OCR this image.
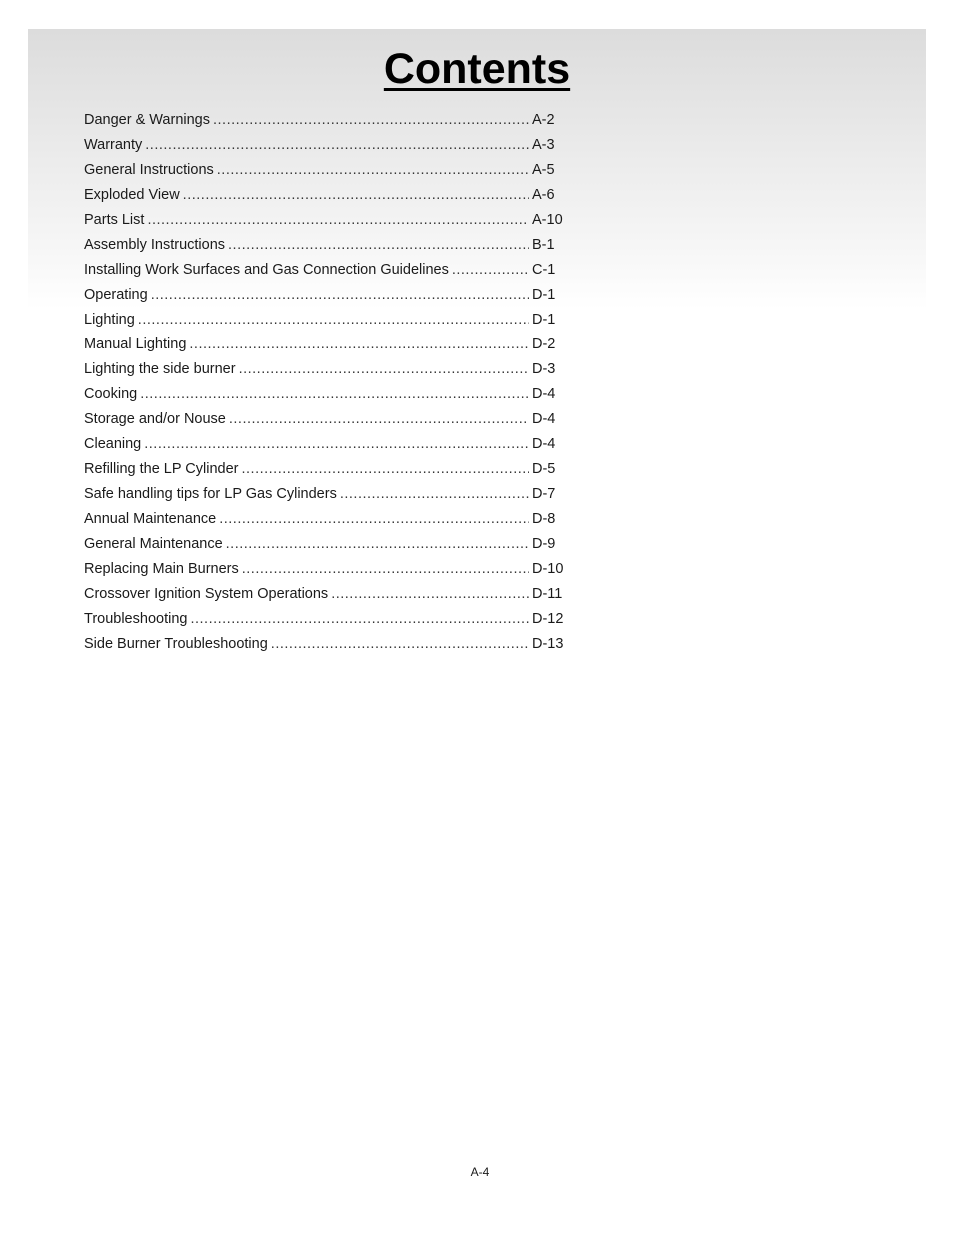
Contents
Danger & Warnings .....	A-2
Warranty .....	A-3
General Instructions .....	A-5
Exploded View .....	A-6
Parts List .....	A-10
Assembly Instructions .....	B-1
Installing Work Surfaces and Gas Connection Guidelines .....	C-1
Operating .....	D-1
Lighting .....	D-1
Manual Lighting .....	D-2
Lighting the side burner .....	D-3
Cooking .....	D-4
Storage and/or Nouse .....	D-4
Cleaning .....	D-4
Refilling the LP Cylinder .....	D-5
Safe handling tips for LP Gas Cylinders .....	D-7
Annual Maintenance .....	D-8
General Maintenance .....	D-9
Replacing Main Burners .....	D-10
Crossover Ignition System Operations .....	D-11
Troubleshooting .....	D-12
Side Burner Troubleshooting .....	D-13
A-4
